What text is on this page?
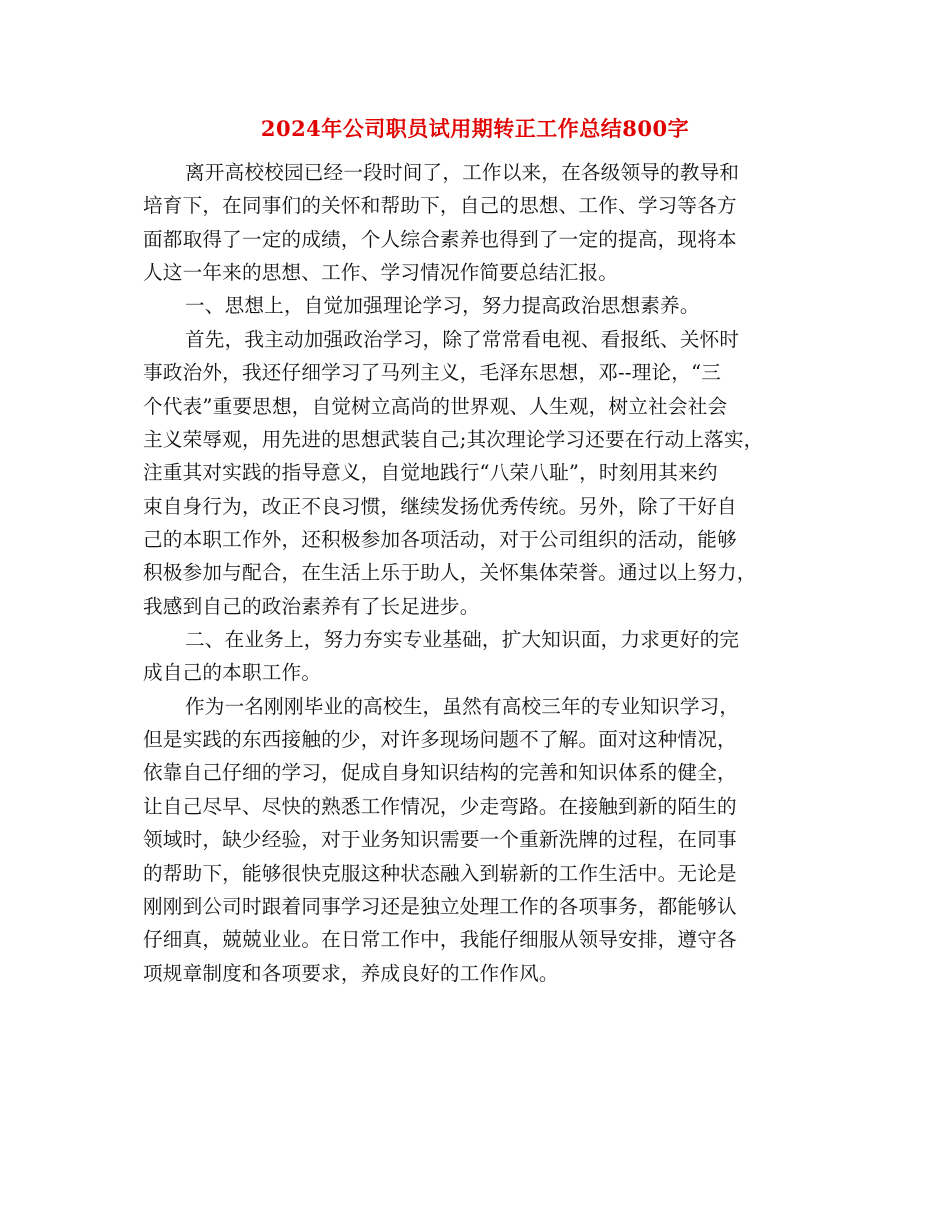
2024年公司职员试用期转正工作总结800字
离开高校校园已经一段时间了，工作以来，在各级领导的教导和
培育下，在同事们的关怀和帮助下，自己的思想、工作、学习等各方
面都取得了一定的成绩，个人综合素养也得到了一定的提高，现将本
人这一年来的思想、工作、学习情况作简要总结汇报。
一、思想上，自觉加强理论学习，努力提高政治思想素养。
首先，我主动加强政治学习，除了常常看电视、看报纸、关怀时
事政治外，我还仔细学习了马列主义，毛泽东思想，邓--理论，“三
个代表”重要思想，自觉树立高尚的世界观、人生观，树立社会社会
主义荣辱观，用先进的思想武装自己;其次理论学习还要在行动上落实，
注重其对实践的指导意义，自觉地践行“八荣八耻”，时刻用其来约
束自身行为，改正不良习惯，继续发扬优秀传统。另外，除了干好自
己的本职工作外，还积极参加各项活动，对于公司组织的活动，能够
积极参加与配合，在生活上乐于助人，关怀集体荣誉。通过以上努力，
我感到自己的政治素养有了长足进步。
二、在业务上，努力夯实专业基础，扩大知识面，力求更好的完
成自己的本职工作。
作为一名刚刚毕业的高校生，虽然有高校三年的专业知识学习，
但是实践的东西接触的少，对许多现场问题不了解。面对这种情况，
依靠自己仔细的学习，促成自身知识结构的完善和知识体系的健全，
让自己尽早、尽快的熟悉工作情况，少走弯路。在接触到新的陌生的
领域时，缺少经验，对于业务知识需要一个重新洗牌的过程，在同事
的帮助下，能够很快克服这种状态融入到崭新的工作生活中。无论是
刚刚到公司时跟着同事学习还是独立处理工作的各项事务，都能够认
仔细真，兢兢业业。在日常工作中，我能仔细服从领导安排，遵守各
项规章制度和各项要求，养成良好的工作作风。
